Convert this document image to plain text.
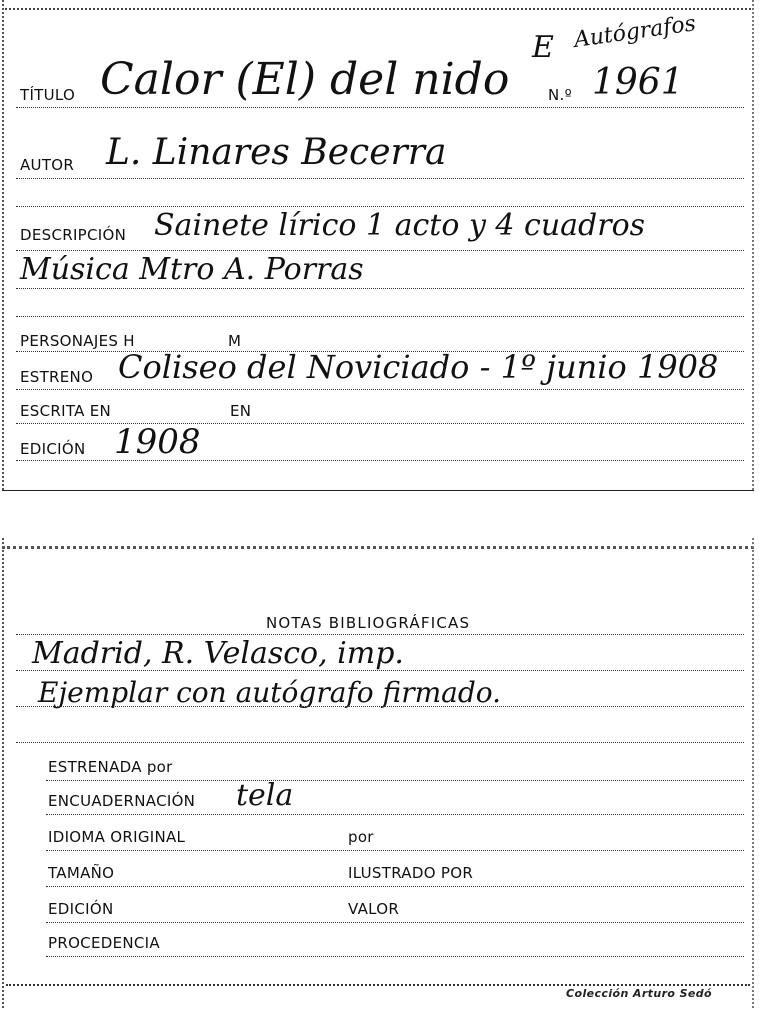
E Autógrafos
TÍTULO Calor (El) del nido	N.º 1961
AUTOR L. Linares Becerra
DESCRIPCIÓN Sainete lírico 1 acto y 4 cuadros
Música Mtro A. Porras
PERSONAJES H	M
ESTRENO Coliseo del Noviciado - 1º junio 1908
ESCRITA EN	EN
EDICIÓN 1908
NOTAS BIBLIOGRÁFICAS
Madrid, R. Velasco, imp.
Ejemplar con autógrafo firmado.
ESTRENADA por
ENCUADERNACIÓN tela
IDIOMA ORIGINAL	por
TAMAÑO	ILUSTRADO POR
EDICIÓN	VALOR
PROCEDENCIA
Colección Arturo Sedó
